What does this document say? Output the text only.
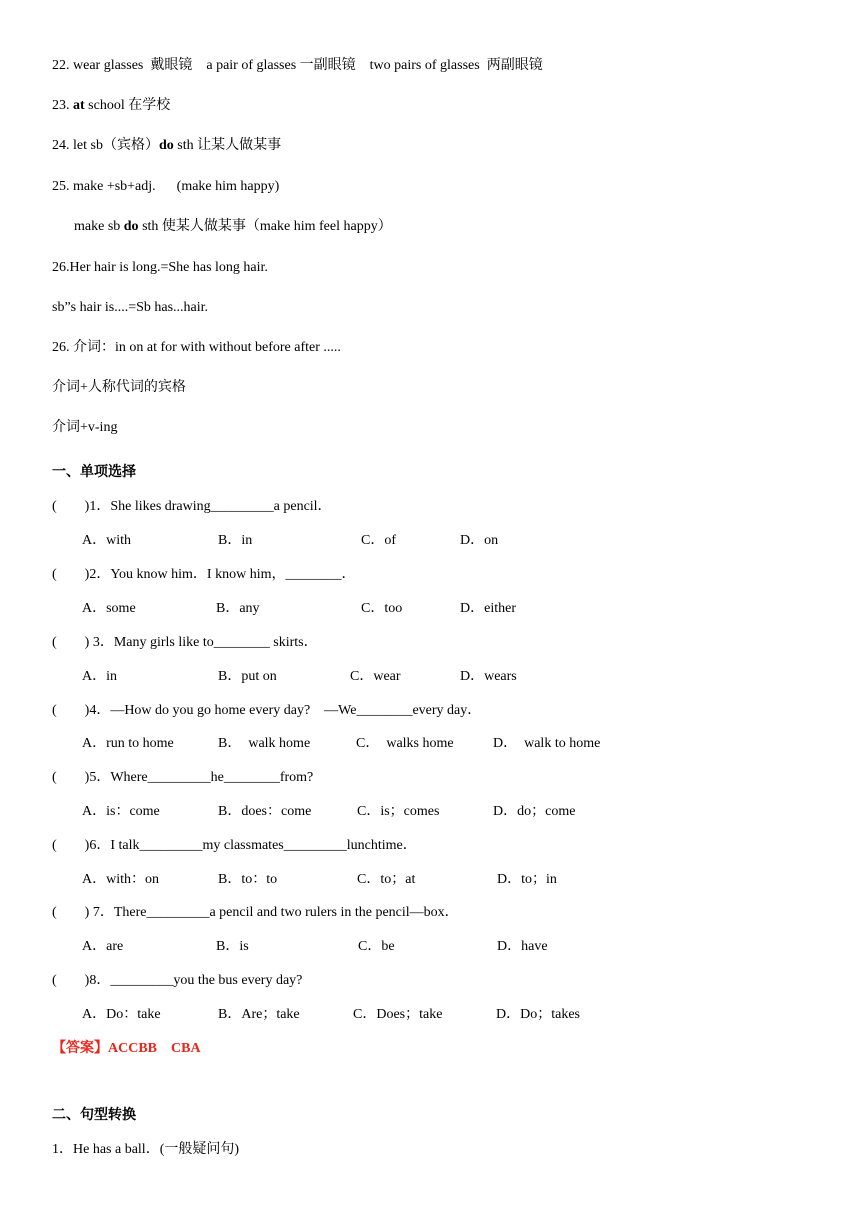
22. wear glasses  戴眼镜    a pair of glasses 一副眼镜    two pairs of glasses  两副眼镜
23. at school 在学校
24. let sb（宾格）do sth 让某人做某事
25. make +sb+adj.      (make him happy)
make sb do sth 使某人做某事（make him feel happy）
26.Her hair is long.=She has long hair.
sb”s hair is....=Sb has...hair.
26. 介词：in on at for with without before after .....
介词+人称代词的宾格
介词+v-ing
一、单项选择
(        )1．She likes drawing_________a pencil．
A．with	B．in	C．of	D．on
(        )2．You know him．I know him，________．
A．some	B．any	C．too	D．either
(        ) 3．Many girls like to________ skirts．
A．in	B．put on	C．wear	D．wears
(        )4．—How do you go home every day?    —We________every day．
A．run to home	B．  walk home	C．  walks home	D．  walk to home
(        )5．Where_________he________from?
A．is：come	B．does：come	C．is；comes	D．do；come
(        )6．I talk_________my classmates_________lunchtime．
A．with：on	B．to：to	C．to；at	D．to；in
(        ) 7．There_________a pencil and two rulers in the pencil—box．
A．are	B．is	C．be	D．have
(        )8．_________you the bus every day?
A．Do：take	B．Are；take	C．Does；take	D．Do；takes
【答案】ACCBB    CBA
二、句型转换
1．He has a ball．(一般疑问句)
